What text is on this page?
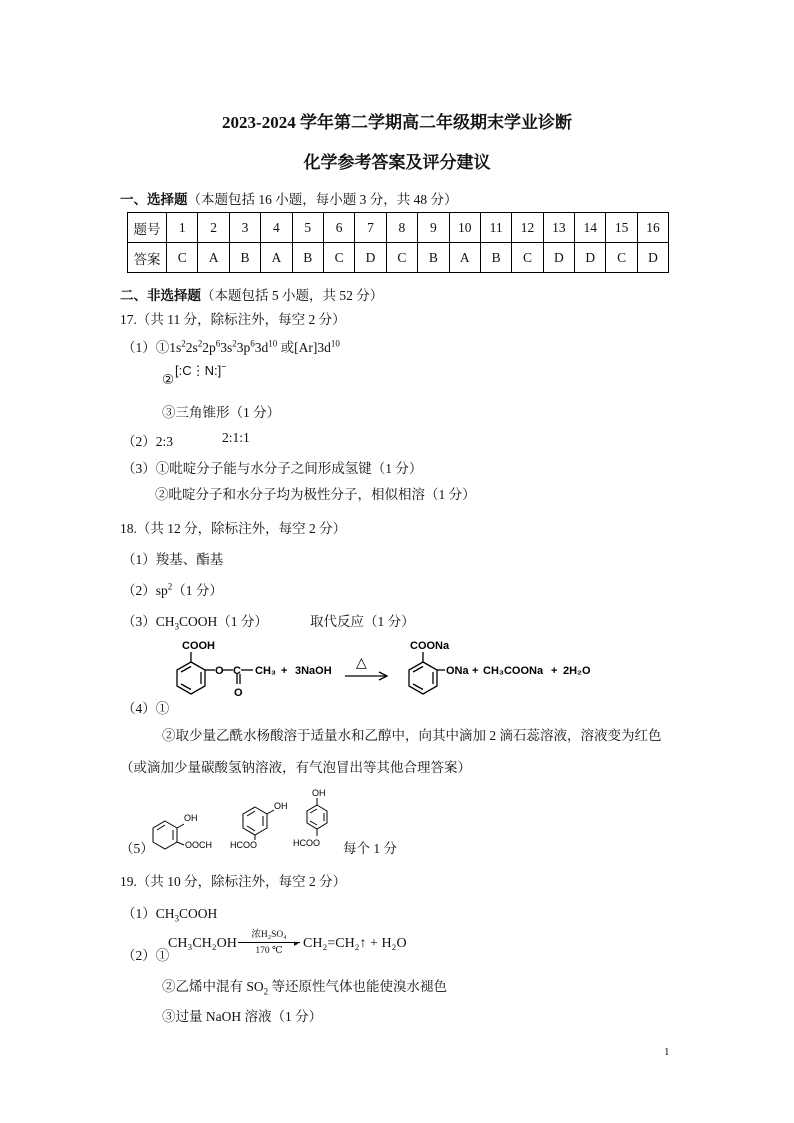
2023-2024 学年第二学期高二年级期末学业诊断
化学参考答案及评分建议
一、选择题（本题包括 16 小题，每小题 3 分，共 48 分）
题号	1	2	3	4	5	6	7	8	9	10	11	12	13	14	15	16
答案	C	A	B	A	B	C	D	C	B	A	B	C	D	D	C	D
二、非选择题（本题包括 5 小题，共 52 分）
17.（共 11 分，除标注外，每空 2 分）
$(1)①1s^22s^22p^63s^23p^63d^{10}$ 或$[Ar]3d^{10}$
②
[:C⋮N:]−
③三角锥形（1 分）
（2）2:3	2:1:1
（3）①吡啶分子能与水分子之间形成氢键（1 分）
②吡啶分子和水分子均为极性分子，相似相溶（1 分）
18.（共 12 分，除标注外，每空 2 分）
（1）羧基、酯基
$(2)sp^2(1$ 分）
$(3)CH_3COOH(1$ 分）	取代反应（1 分）
（4）①
COOH
O C
O
CH₃ + 3NaOH
△
COONa
ONa + CH₃COONa + 2H₂O
②取少量乙酰水杨酸溶于适量水和乙醇中，向其中滴加 2 滴石蕊溶液，溶液变为红色
（或滴加少量碳酸氢钠溶液，有气泡冒出等其他合理答案）
（5）
OH
OOCH
OH
HCOO
OH
HCOO 每个 1 分
19.（共 10 分，除标注外，每空 2 分）
$(1)CH_3COOH$
（2）①
CH₃CH₂OH
浓H₂SO₄
▸
170 ℃	CH₂=CH₂↑ + H₂O
②乙烯中混有 $SO_2$ 等还原性气体也能使溴水褪色
③过量 NaOH 溶液（1 分）
1
